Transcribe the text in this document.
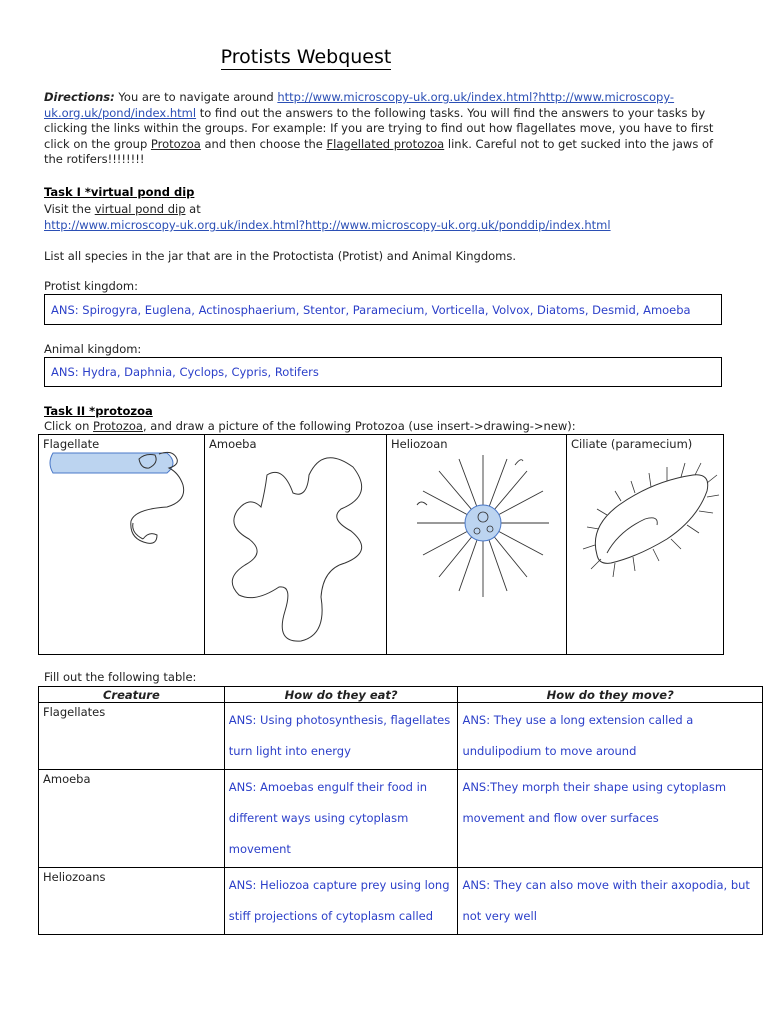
Protists Webquest
Directions: You are to navigate around http://www.microscopy-uk.org.uk/index.html?http://www.microscopy-uk.org.uk/pond/index.html to find out the answers to the following tasks. You will find the answers to your tasks by clicking the links within the groups. For example: If you are trying to find out how flagellates move, you have to first click on the group Protozoa and then choose the Flagellated protozoa link. Careful not to get sucked into the jaws of the rotifers!!!!!!!!
Task I *virtual pond dip
Visit the virtual pond dip at
http://www.microscopy-uk.org.uk/index.html?http://www.microscopy-uk.org.uk/ponddip/index.html
List all species in the jar that are in the Protoctista (Protist) and Animal Kingdoms.
Protist kingdom:
ANS: Spirogyra, Euglena, Actinosphaerium, Stentor, Paramecium, Vorticella, Volvox, Diatoms, Desmid, Amoeba
Animal kingdom:
ANS: Hydra, Daphnia, Cyclops, Cypris, Rotifers
Task II *protozoa
Click on Protozoa, and draw a picture of the following Protozoa (use insert->drawing->new):
Flagellate	Amoeba	Heliozoan	Ciliate (paramecium)
Fill out the following table:
Creature	How do they eat?	How do they move?
Flagellates	ANS: Using photosynthesis, flagellates turn light into energy	ANS: They use a long extension called a undulipodium to move around
Amoeba	ANS: Amoebas engulf their food in different ways using cytoplasm movement	ANS:They morph their shape using cytoplasm movement and flow over surfaces
Heliozoans	ANS: Heliozoa capture prey using long stiff projections of cytoplasm called	ANS: They can also move with their axopodia, but not very well
